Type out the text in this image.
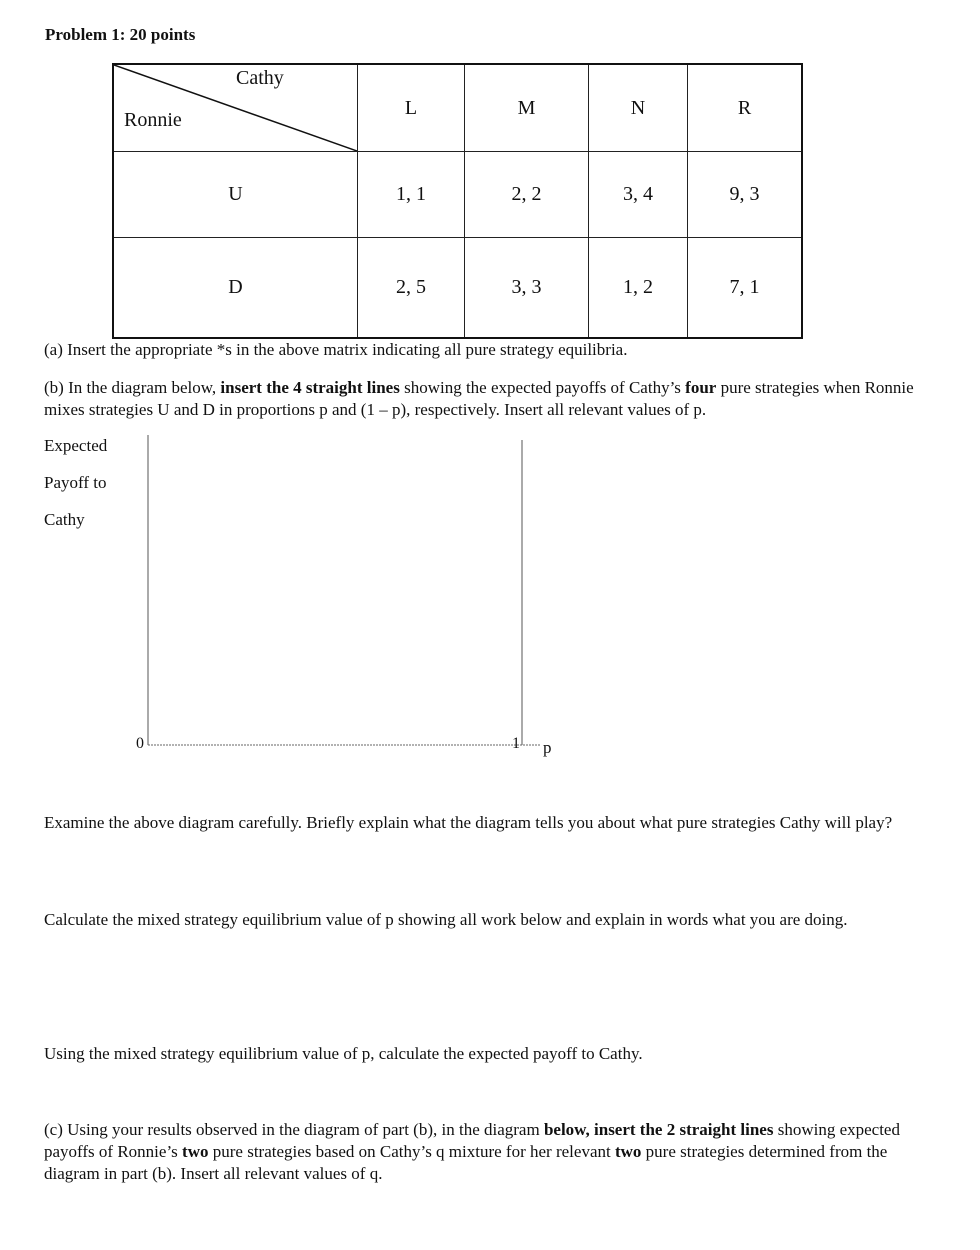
Problem 1: 20 points
Cathy
Ronnie	L	M	N	R
U	1, 1	2, 2	3, 4	9, 3
D	2, 5	3, 3	1, 2	7, 1
(a) Insert the appropriate *s in the above matrix indicating all pure strategy equilibria.
(b) In the diagram below, insert the 4 straight lines showing the expected payoffs of Cathy’s four pure strategies when Ronnie mixes strategies U and D in proportions p and (1 – p), respectively. Insert all relevant values of p.
Expected
Payoff to
Cathy
0	1 p
Examine the above diagram carefully. Briefly explain what the diagram tells you about what pure strategies Cathy will play?
Calculate the mixed strategy equilibrium value of p showing all work below and explain in words what you are doing.
Using the mixed strategy equilibrium value of p, calculate the expected payoff to Cathy.
(c) Using your results observed in the diagram of part (b), in the diagram below, insert the 2 straight lines showing expected payoffs of Ronnie’s two pure strategies based on Cathy’s q mixture for her relevant two pure strategies determined from the diagram in part (b). Insert all relevant values of q.
